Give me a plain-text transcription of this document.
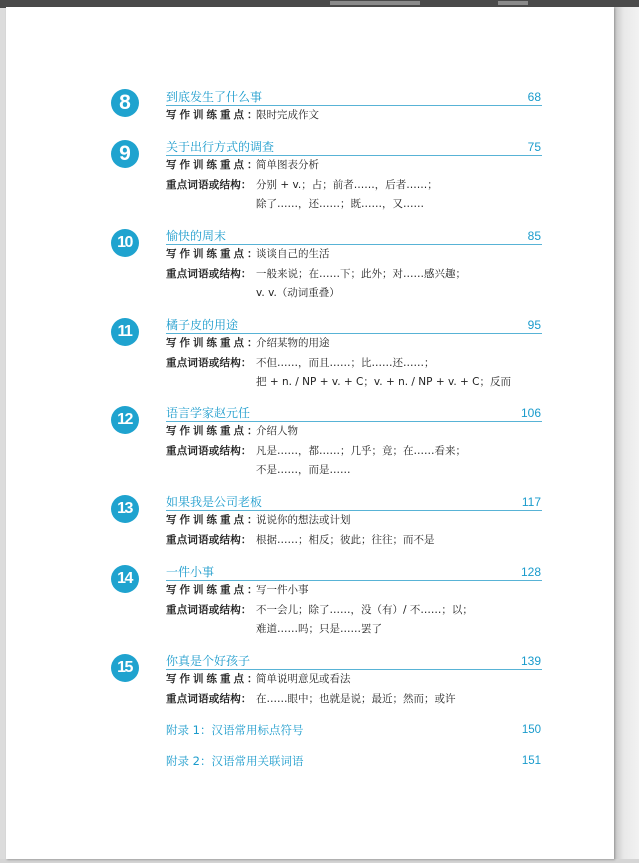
8	到底发生了什么事	68
写作训练重点：限时完成作文
9	关于出行方式的调查	75
写作训练重点：简单图表分析
重点词语或结构： 分别 + v.；占；前者……，后者……；
除了……，还……；既……，又……
10	愉快的周末	85
写作训练重点：谈谈自己的生活
重点词语或结构： 一般来说；在……下；此外；对……感兴趣；
v. v.（动词重叠）
11	橘子皮的用途	95
写作训练重点：介绍某物的用途
重点词语或结构： 不但……，而且……；比……还……；
把 + n. / NP + v. + C；v. + n. / NP + v. + C；反而
12	语言学家赵元任	106
写作训练重点：介绍人物
重点词语或结构： 凡是……，都……；几乎；竟；在……看来；
不是……，而是……
13	如果我是公司老板	117
写作训练重点：说说你的想法或计划
重点词语或结构： 根据……；相反；彼此；往往；而不是
14	一件小事	128
写作训练重点：写一件小事
重点词语或结构： 不一会儿；除了……，没（有）/ 不……；以；
难道……吗；只是……罢了
15	你真是个好孩子	139
写作训练重点：简单说明意见或看法
重点词语或结构： 在……眼中；也就是说；最近；然而；或许
附录 1：汉语常用标点符号	150
附录 2：汉语常用关联词语	151
